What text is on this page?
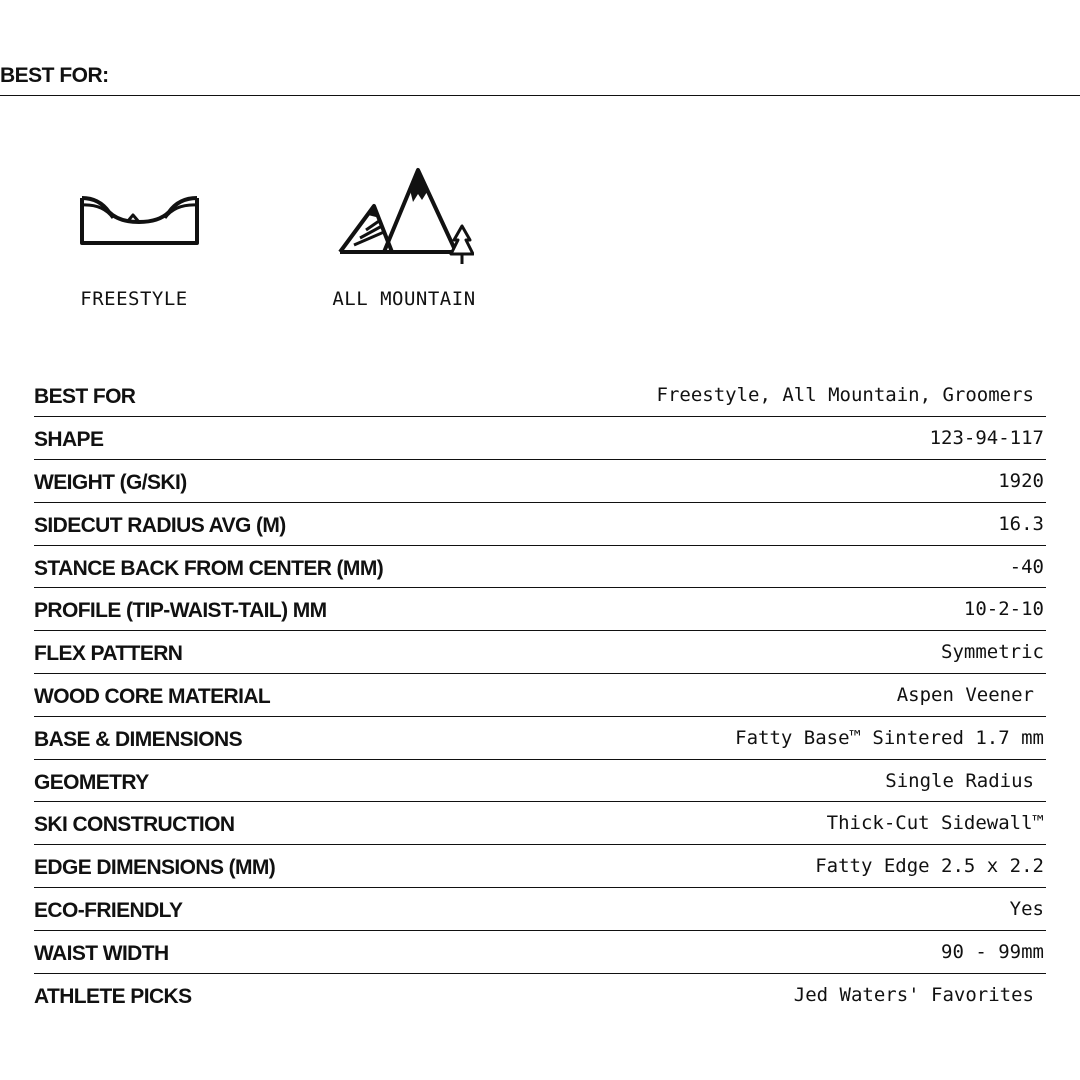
BEST FOR:
FREESTYLE	ALL MOUNTAIN
BEST FOR	Freestyle, All Mountain, Groomers
SHAPE	123-94-117
WEIGHT (G/SKI)	1920
SIDECUT RADIUS AVG (M)	16.3
STANCE BACK FROM CENTER (MM)	-40
PROFILE (TIP-WAIST-TAIL) MM	10-2-10
FLEX PATTERN	Symmetric
WOOD CORE MATERIAL	Aspen Veener
BASE & DIMENSIONS	Fatty Base™ Sintered 1.7 mm
GEOMETRY	Single Radius
SKI CONSTRUCTION	Thick-Cut Sidewall™
EDGE DIMENSIONS (MM)	Fatty Edge 2.5 x 2.2
ECO-FRIENDLY	Yes
WAIST WIDTH	90 - 99mm
ATHLETE PICKS	Jed Waters' Favorites
